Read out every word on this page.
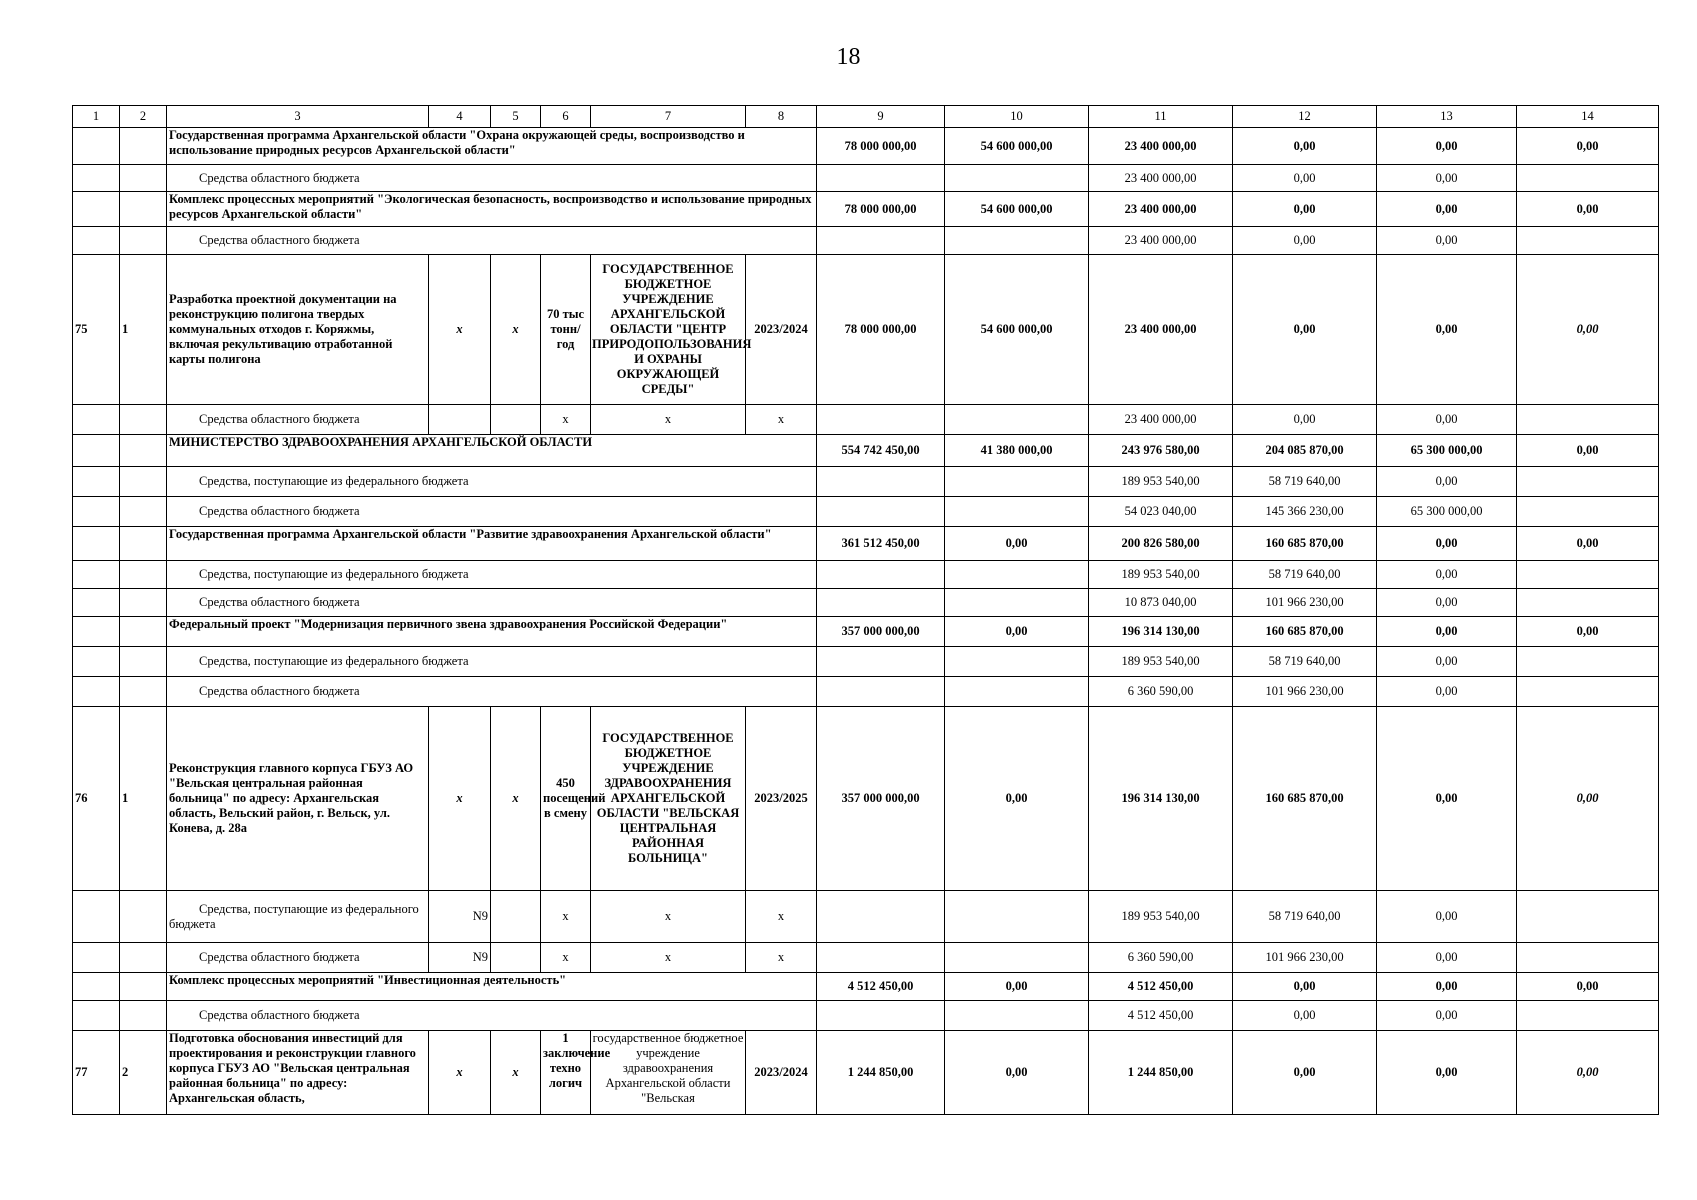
18
1	2	3	4	5	6	7	8	9	10	11	12	13	14
		Государственная программа Архангельской области "Охрана окружающей среды, воспроизводство и использование природных ресурсов Архангельской области"						78 000 000,00	54 600 000,00	23 400 000,00	0,00	0,00	0,00
		Средства областного бюджета								23 400 000,00	0,00	0,00	
		Комплекс процессных мероприятий "Экологическая безопасность, воспроизводство и использование природных ресурсов Архангельской области"						78 000 000,00	54 600 000,00	23 400 000,00	0,00	0,00	0,00
		Средства областного бюджета								23 400 000,00	0,00	0,00	
75	1	Разработка проектной документации на реконструкцию полигона твердых коммунальных отходов г. Коряжмы, включая рекультивацию отработанной карты полигона	x	x	70 тыс тонн/год	ГОСУДАРСТВЕННОЕ БЮДЖЕТНОЕ УЧРЕЖДЕНИЕ АРХАНГЕЛЬСКОЙ ОБЛАСТИ "ЦЕНТР ПРИРОДОПОЛЬЗОВАНИЯ И ОХРАНЫ ОКРУЖАЮЩЕЙ СРЕДЫ"	2023/2024	78 000 000,00	54 600 000,00	23 400 000,00	0,00	0,00	0,00
		Средства областного бюджета			x	x	x			23 400 000,00	0,00	0,00	
		МИНИСТЕРСТВО ЗДРАВООХРАНЕНИЯ АРХАНГЕЛЬСКОЙ ОБЛАСТИ						554 742 450,00	41 380 000,00	243 976 580,00	204 085 870,00	65 300 000,00	0,00
		Средства, поступающие из федерального бюджета								189 953 540,00	58 719 640,00	0,00	
		Средства областного бюджета								54 023 040,00	145 366 230,00	65 300 000,00	
		Государственная программа Архангельской области "Развитие здравоохранения Архангельской области"						361 512 450,00	0,00	200 826 580,00	160 685 870,00	0,00	0,00
		Средства, поступающие из федерального бюджета								189 953 540,00	58 719 640,00	0,00	
		Средства областного бюджета								10 873 040,00	101 966 230,00	0,00	
		Федеральный проект "Модернизация первичного звена здравоохранения Российской Федерации"						357 000 000,00	0,00	196 314 130,00	160 685 870,00	0,00	0,00
		Средства, поступающие из федерального бюджета								189 953 540,00	58 719 640,00	0,00	
		Средства областного бюджета								6 360 590,00	101 966 230,00	0,00	
76	1	Реконструкция главного корпуса ГБУЗ АО "Вельская центральная районная больница" по адресу: Архангельская область, Вельский район, г. Вельск, ул. Конева, д. 28а	x	x	450 посещений в смену	ГОСУДАРСТВЕННОЕ БЮДЖЕТНОЕ УЧРЕЖДЕНИЕ ЗДРАВООХРАНЕНИЯ АРХАНГЕЛЬСКОЙ ОБЛАСТИ "ВЕЛЬСКАЯ ЦЕНТРАЛЬНАЯ РАЙОННАЯ БОЛЬНИЦА"	2023/2025	357 000 000,00	0,00	196 314 130,00	160 685 870,00	0,00	0,00

		Средства, поступающие из федерального бюджета	N9		x	x	x			189 953 540,00	58 719 640,00	0,00	
		Средства областного бюджета	N9		x	x	x			6 360 590,00	101 966 230,00	0,00	
		Комплекс процессных мероприятий "Инвестиционная деятельность"						4 512 450,00	0,00	4 512 450,00	0,00	0,00	0,00
		Средства областного бюджета								4 512 450,00	0,00	0,00	
77	2	Подготовка обоснования инвестиций для проектирования и реконструкции главного корпуса ГБУЗ АО "Вельская центральная районная больница" по адресу: Архангельская область,	x	x	1 заключение техно логич	государственное бюджетное учреждение здравоохранения Архангельской области "Вельская	2023/2024	1 244 850,00	0,00	1 244 850,00	0,00	0,00	0,00
